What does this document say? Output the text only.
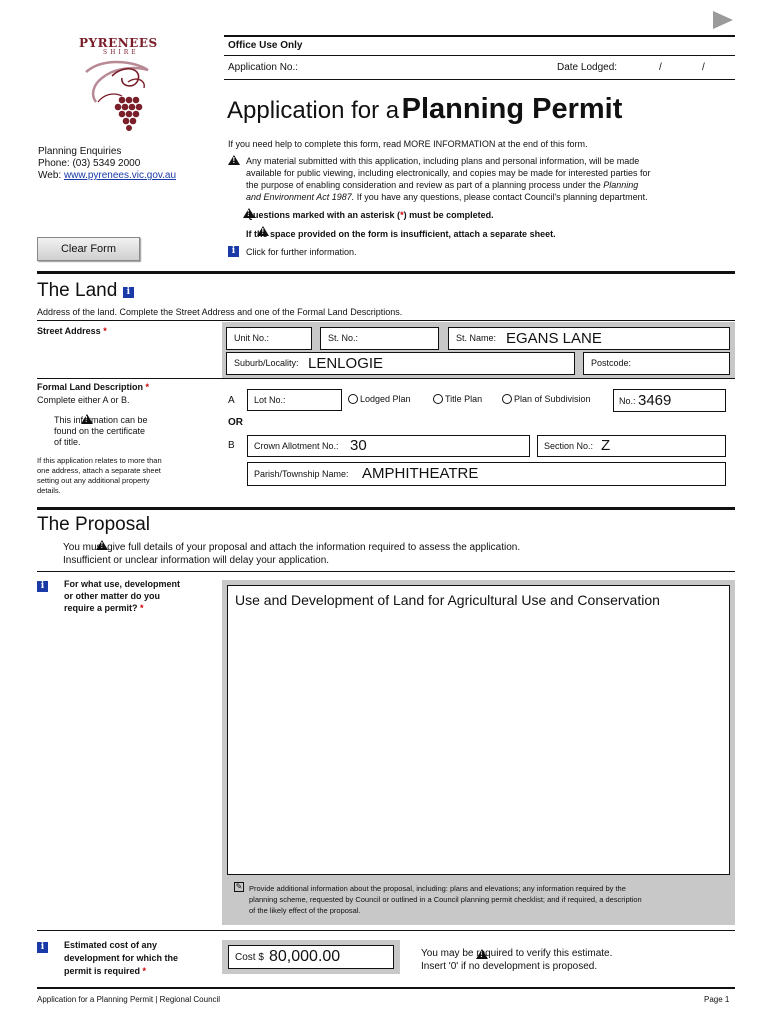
PYRENEES
SHIRE
Office Use Only
Application No.:	Date Lodged:	/	/
Application for a Planning Permit
Planning Enquiries
Phone: (03) 5349 2000
Web: www.pyrenees.vic.gov.au
If you need help to complete this form, read MORE INFORMATION at the end of this form.
!
Any material submitted with this application, including plans and personal information, will be made
available for public viewing, including electronically, and copies may be made for interested parties for
the purpose of enabling consideration and review as part of a planning process under the Planning
and Environment Act 1987. If you have any questions, please contact Council's planning department.
!
Questions marked with an asterisk (*) must be completed.
!
If the space provided on the form is insufficient, attach a separate sheet.
i	Click for further information.
Clear Form
The Land i
Address of the land. Complete the Street Address and one of the Formal Land Descriptions.
Street Address *
Unit No.:	St. No.:	St. Name: EGANS LANE
Suburb/Locality: LENLOGIE	Postcode:
Formal Land Description *
Complete either A or B.
!
This information can be
found on the certificate
of title.
If this application relates to more than
one address, attach a separate sheet
setting out any additional property
details.
A Lot No.:	Lodged Plan	Title Plan	Plan of Subdivision	No.: 3469
OR
B Crown Allotment No.: 30	Section No.: Z
Parish/Township Name: AMPHITHEATRE
The Proposal
!
You must give full details of your proposal and attach the information required to assess the application.
Insufficient or unclear information will delay your application.
i	For what use, development
or other matter do you
require a permit? *	Use and Development of Land for Agricultural Use and Conservation
✎ Provide additional information about the proposal, including: plans and elevations; any information required by the
planning scheme, requested by Council or outlined in a Council planning permit checklist; and if required, a description
of the likely effect of the proposal.
i	Estimated cost of any
development for which the
permit is required *
Cost $ 80,000.00
!	You may be required to verify this estimate.
Insert '0' if no development is proposed.
Application for a Planning Permit | Regional Council	Page 1
